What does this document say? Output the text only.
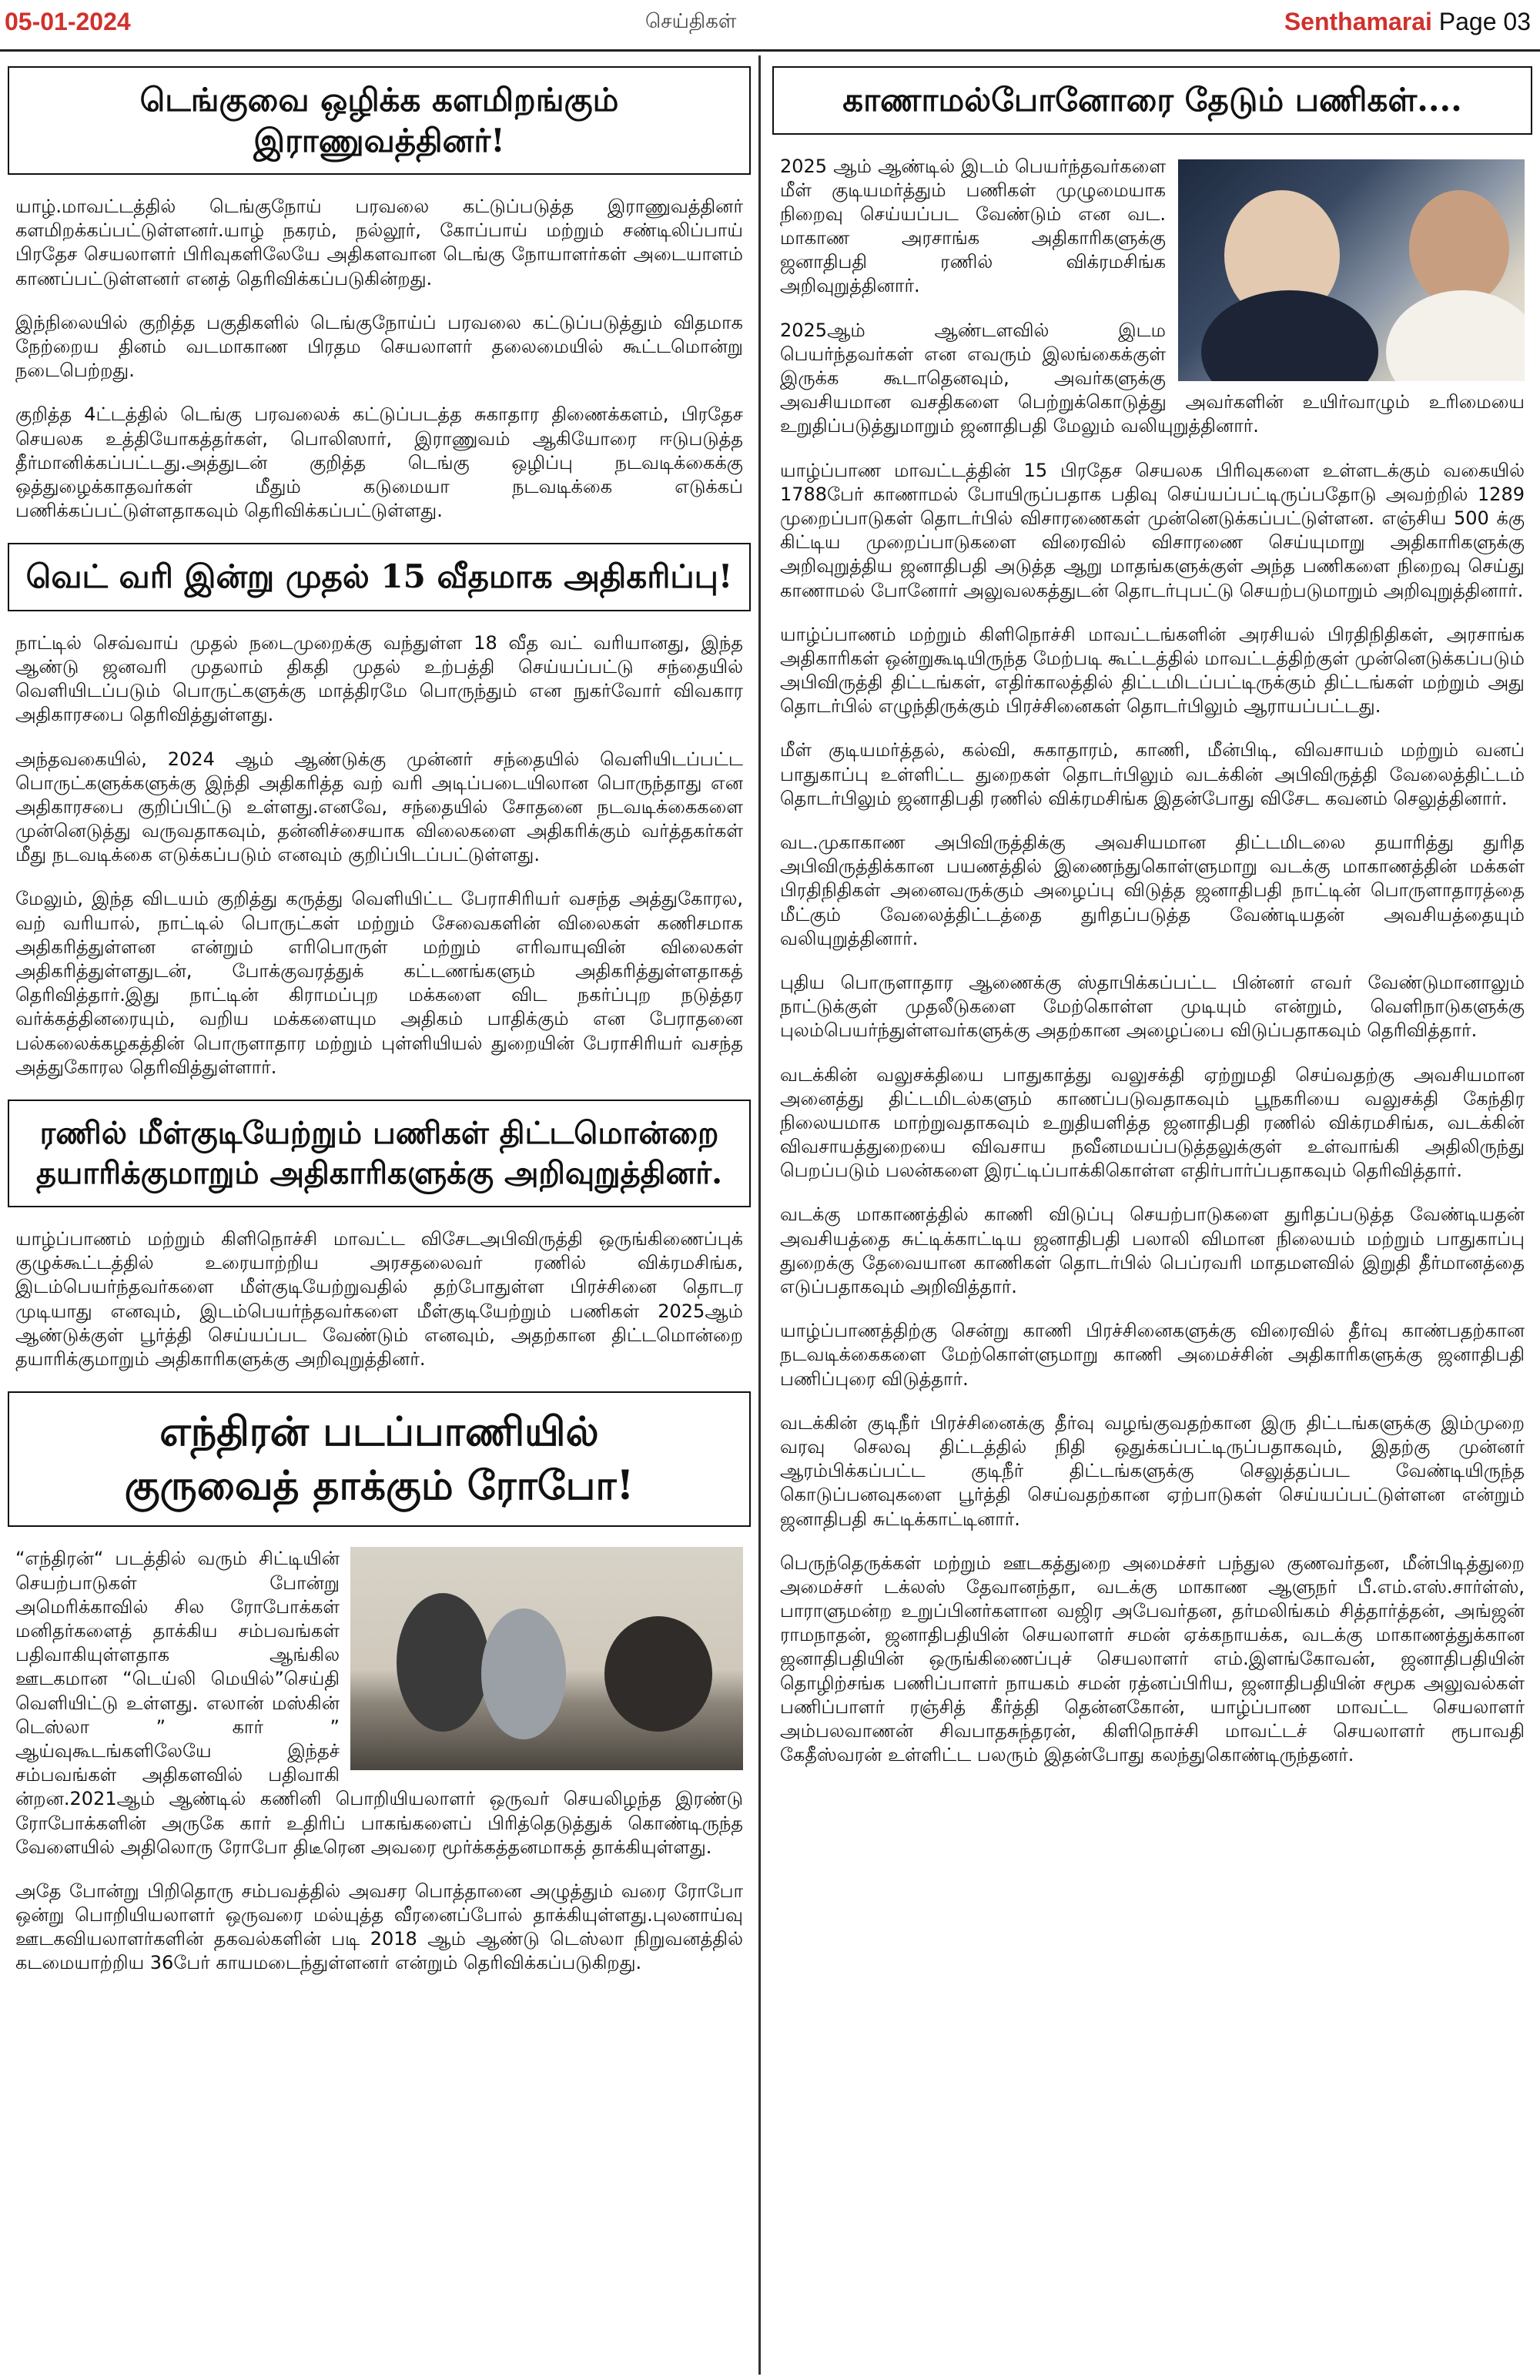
05-01-2024	செய்திகள்	Senthamarai Page 03
டெங்குவை ஒழிக்க களமிறங்கும் இராணுவத்தினர்!

யாழ்.மாவட்டத்தில் டெங்குநோய் பரவலை கட்டுப்படுத்த இராணுவத்தினர் களமிறக்கப்பட்டுள்ளனர்.யாழ் நகரம், நல்லூர், கோப்பாய் மற்றும் சண்டிலிப்பாய் பிரதேச செயலாளர் பிரிவுகளிலேயே அதிகளவான டெங்கு நோயாளர்கள் அடையாளம் காணப்பட்டுள்ளனர் எனத் தெரிவிக்கப்படுகின்றது.

இந்நிலையில் குறித்த பகுதிகளில் டெங்குநோய்ப் பரவலை கட்டுப்படுத்தும் விதமாக நேற்றைய தினம் வடமாகாண பிரதம செயலாளர் தலைமையில் கூட்டமொன்று நடைபெற்றது.

குறித்த 4ட்டத்தில் டெங்கு பரவலைக் கட்டுப்படத்த சுகாதார திணைக்களம், பிரதேச செயலக உத்தியோகத்தர்கள், பொலிஸார், இராணுவம் ஆகியோரை ஈடுபடுத்த தீர்மானிக்கப்பட்டது.அத்துடன் குறித்த டெங்கு ஒழிப்பு நடவடிக்கைக்கு ஒத்துழைக்காதவர்கள் மீதும் கடுமையா நடவடிக்கை எடுக்கப் பணிக்கப்பட்டுள்ளதாகவும் தெரிவிக்கப்பட்டுள்ளது.

வெட் வரி இன்று முதல் 15 வீதமாக அதிகரிப்பு!

நாட்டில் செவ்வாய் முதல் நடைமுறைக்கு வந்துள்ள 18 வீத வட் வரியானது, இந்த ஆண்டு ஜனவரி முதலாம் திகதி முதல் உற்பத்தி செய்யப்பட்டு சந்தையில் வெளியிடப்படும் பொருட்களுக்கு மாத்திரமே பொருந்தும் என நுகர்வோர் விவகார அதிகாரசபை தெரிவித்துள்ளது.

அந்தவகையில், 2024 ஆம் ஆண்டுக்கு முன்னர் சந்தையில் வெளியிடப்பட்ட பொருட்களுக்களுக்கு இந்தி அதிகரித்த வற் வரி அடிப்படையிலான பொருந்தாது என அதிகாரசபை குறிப்பிட்டு உள்ளது.எனவே, சந்தையில் சோதனை நடவடிக்கைகளை முன்னெடுத்து வருவதாகவும், தன்னிச்சையாக விலைகளை அதிகரிக்கும் வர்த்தகர்கள் மீது நடவடிக்கை எடுக்கப்படும் எனவும் குறிப்பிடப்பட்டுள்ளது.

மேலும், இந்த விடயம் குறித்து கருத்து வெளியிட்ட பேராசிரியர் வசந்த அத்துகோரல, வற் வரியால், நாட்டில் பொருட்கள் மற்றும் சேவைகளின் விலைகள் கணிசமாக அதிகரித்துள்ளன என்றும் எரிபொருள் மற்றும் எரிவாயுவின் விலைகள் அதிகரித்துள்ளதுடன், போக்குவரத்துக் கட்டணங்களும் அதிகரித்துள்ளதாகத் தெரிவித்தார்.இது நாட்டின் கிராமப்புற மக்களை விட நகர்ப்புற நடுத்தர வர்க்கத்தினரையும், வறிய மக்களையும அதிகம் பாதிக்கும் என பேராதனை பல்கலைக்கழகத்தின் பொருளாதார மற்றும் புள்ளியியல் துறையின் பேராசிரியர் வசந்த அத்துகோரல தெரிவித்துள்ளார்.

ரணில் மீள்குடியேற்றும் பணிகள் திட்டமொன்றை
தயாரிக்குமாறும் அதிகாரிகளுக்கு அறிவுறுத்தினர்.

யாழ்ப்பாணம் மற்றும் கிளிநொச்சி மாவட்ட விசேடஅபிவிருத்தி ஒருங்கிணைப்புக் குழுக்கூட்டத்தில் உரையாற்றிய அரசதலைவர் ரணில் விக்ரமசிங்க, இடம்பெயர்ந்தவர்களை மீள்குடியேற்றுவதில் தற்போதுள்ள பிரச்சினை தொடர முடியாது எனவும், இடம்பெயர்ந்தவர்களை மீள்குடியேற்றும் பணிகள் 2025ஆம் ஆண்டுக்குள் பூர்த்தி செய்யப்பட வேண்டும் எனவும், அதற்கான திட்டமொன்றை தயாரிக்குமாறும் அதிகாரிகளுக்கு அறிவுறுத்தினர்.

எந்திரன் படப்பாணியில்
குருவைத் தாக்கும் ரோபோ!

“எந்திரன்“ படத்தில் வரும் சிட்டியின் செயற்பாடுகள் போன்று அமெரிக்காவில் சில ரோபோக்கள் மனிதர்களைத் தாக்கிய சம்பவங்கள் பதிவாகியுள்ளதாக ஆங்கில ஊடகமான “டெய்லி மெயில்”செய்தி வெளியிட்டு உள்ளது. எலான் மஸ்கின் டெஸ்லா ” கார் ” ஆய்வுகூடங்களிலேயே இந்தச் சம்பவங்கள் அதிகளவில் பதிவாகி ன்றன.2021ஆம் ஆண்டில் கணினி பொறியியலாளர் ஒருவர் செயலிழந்த இரண்டு ரோபோக்களின் அருகே கார் உதிரிப் பாகங்களைப் பிரித்தெடுத்துக் கொண்டிருந்த வேளையில் அதிலொரு ரோபோ திடீரென அவரை மூர்க்கத்தனமாகத் தாக்கியுள்ளது.

அதே போன்று பிறிதொரு சம்பவத்தில் அவசர பொத்தானை அழுத்தும் வரை ரோபோ ஒன்று பொறியியலாளர் ஒருவரை மல்யுத்த வீரனைப்போல் தாக்கியுள்ளது.புலனாய்வு ஊடகவியலாளர்களின் தகவல்களின் படி 2018 ஆம் ஆண்டு டெஸ்லா நிறுவனத்தில் கடமையாற்றிய 36பேர் காயமடைந்துள்ளனர் என்றும் தெரிவிக்கப்படுகிறது.

காணாமல்போனோரை தேடும் பணிகள்....

2025 ஆம் ஆண்டில் இடம் பெயர்ந்தவர்களை மீள் குடியமர்த்தும் பணிகள் முழுமையாக நிறைவு செய்யப்பட வேண்டும் என வட. மாகாண அரசாங்க அதிகாரிகளுக்கு ஜனாதிபதி ரணில் விக்ரமசிங்க அறிவுறுத்தினார்.

2025ஆம் ஆண்டளவில் இடம பெயர்ந்தவர்கள் என எவரும் இலங்கைக்குள் இருக்க கூடாதெனவும், அவர்களுக்கு அவசியமான வசதிகளை பெற்றுக்கொடுத்து அவர்களின் உயிர்வாழும் உரிமையை உறுதிப்படுத்துமாறும் ஜனாதிபதி மேலும் வலியுறுத்தினார்.

யாழ்ப்பாண மாவட்டத்தின் 15 பிரதேச செயலக பிரிவுகளை உள்ளடக்கும் வகையில் 1788பேர் காணாமல் போயிருப்பதாக பதிவு செய்யப்பட்டிருப்பதோடு அவற்றில் 1289 முறைப்பாடுகள் தொடர்பில் விசாரணைகள் முன்னெடுக்கப்பட்டுள்ளன. எஞ்சிய 500 க்கு கிட்டிய முறைப்பாடுகளை விரைவில் விசாரணை செய்யுமாறு அதிகாரிகளுக்கு அறிவுறுத்திய ஜனாதிபதி அடுத்த ஆறு மாதங்களுக்குள் அந்த பணிகளை நிறைவு செய்து காணாமல் போனோர் அலுவலகத்துடன் தொடர்புபட்டு செயற்படுமாறும் அறிவுறுத்தினார்.

யாழ்ப்பாணம் மற்றும் கிளிநொச்சி மாவட்டங்களின் அரசியல் பிரதிநிதிகள், அரசாங்க அதிகாரிகள் ஒன்றுகூடியிருந்த மேற்படி கூட்டத்தில் மாவட்டத்திற்குள் முன்னெடுக்கப்படும் அபிவிருத்தி திட்டங்கள், எதிர்காலத்தில் திட்டமிடப்பட்டிருக்கும் திட்டங்கள் மற்றும் அது தொடர்பில் எழுந்திருக்கும் பிரச்சினைகள் தொடர்பிலும் ஆராயப்பட்டது.

மீள் குடியமர்த்தல், கல்வி, சுகாதாரம், காணி, மீன்பிடி, விவசாயம் மற்றும் வனப் பாதுகாப்பு உள்ளிட்ட துறைகள் தொடர்பிலும் வடக்கின் அபிவிருத்தி வேலைத்திட்டம் தொடர்பிலும் ஜனாதிபதி ரணில் விக்ரமசிங்க இதன்போது விசேட கவனம் செலுத்தினார்.

வட.முகாகாண அபிவிருத்திக்கு அவசியமான திட்டமிடலை தயாரித்து துரித அபிவிருத்திக்கான பயணத்தில் இணைந்துகொள்ளுமாறு வடக்கு மாகாணத்தின் மக்கள் பிரதிநிதிகள் அனைவருக்கும் அழைப்பு விடுத்த ஜனாதிபதி நாட்டின் பொருளாதாரத்தை மீட்கும் வேலைத்திட்டத்தை துரிதப்படுத்த வேண்டியதன் அவசியத்தையும் வலியுறுத்தினார்.

புதிய பொருளாதார ஆணைக்கு ஸ்தாபிக்கப்பட்ட பின்னர் எவர் வேண்டுமானாலும் நாட்டுக்குள் முதலீடுகளை மேற்கொள்ள முடியும் என்றும், வெளிநாடுகளுக்கு புலம்பெயர்ந்துள்ளவர்களுக்கு அதற்கான அழைப்பை விடுப்பதாகவும் தெரிவித்தார்.

வடக்கின் வலுசக்தியை பாதுகாத்து வலுசக்தி ஏற்றுமதி செய்வதற்கு அவசியமான அனைத்து திட்டமிடல்களும் காணப்படுவதாகவும் பூநகரியை வலுசக்தி கேந்திர நிலையமாக மாற்றுவதாகவும் உறுதியளித்த ஜனாதிபதி ரணில் விக்ரமசிங்க, வடக்கின் விவசாயத்துறையை விவசாய நவீனமயப்படுத்தலுக்குள் உள்வாங்கி அதிலிருந்து பெறப்படும் பலன்களை இரட்டிப்பாக்கிகொள்ள எதிர்பார்ப்பதாகவும் தெரிவித்தார்.

வடக்கு மாகாணத்தில் காணி விடுப்பு செயற்பாடுகளை துரிதப்படுத்த வேண்டியதன் அவசியத்தை சுட்டிக்காட்டிய ஜனாதிபதி பலாலி விமான நிலையம் மற்றும் பாதுகாப்பு துறைக்கு தேவையான காணிகள் தொடர்பில் பெப்ரவரி மாதமளவில் இறுதி தீர்மானத்தை எடுப்பதாகவும் அறிவித்தார்.

யாழ்ப்பாணத்திற்கு சென்று காணி பிரச்சினைகளுக்கு விரைவில் தீர்வு காண்பதற்கான நடவடிக்கைகளை மேற்கொள்ளுமாறு காணி அமைச்சின் அதிகாரிகளுக்கு ஜனாதிபதி பணிப்புரை விடுத்தார்.

வடக்கின் குடிநீர் பிரச்சினைக்கு தீர்வு வழங்குவதற்கான இரு திட்டங்களுக்கு இம்முறை வரவு செலவு திட்டத்தில் நிதி ஒதுக்கப்பட்டிருப்பதாகவும், இதற்கு முன்னர் ஆரம்பிக்கப்பட்ட குடிநீர் திட்டங்களுக்கு செலுத்தப்பட வேண்டியிருந்த கொடுப்பனவுகளை பூர்த்தி செய்வதற்கான ஏற்பாடுகள் செய்யப்பட்டுள்ளன என்றும் ஜனாதிபதி சுட்டிக்காட்டினார்.

பெருந்தெருக்கள் மற்றும் ஊடகத்துறை அமைச்சர் பந்துல குணவர்தன, மீன்பிடித்துறை அமைச்சர் டக்லஸ் தேவானந்தா, வடக்கு மாகாண ஆளுநர் பீ.எம்.எஸ்.சார்ள்ஸ், பாராளுமன்ற உறுப்பினர்களான வஜிர அபேவர்தன, தர்மலிங்கம் சித்தார்த்தன், அங்ஜன் ராமநாதன், ஜனாதிபதியின் செயலாளர் சமன் ஏக்கநாயக்க, வடக்கு மாகாணத்துக்கான ஜனாதிபதியின் ஒருங்கிணைப்புச் செயலாளர் எம்.இளங்கோவன், ஜனாதிபதியின் தொழிற்சங்க பணிப்பாளர் நாயகம் சமன் ரத்னப்பிரிய, ஜனாதிபதியின் சமூக அலுவல்கள் பணிப்பாளர் ரஞ்சித் கீர்த்தி தென்னகோன், யாழ்ப்பாண மாவட்ட செயலாளர் அம்பலவாணன் சிவபாதசுந்தரன், கிளிநொச்சி மாவட்டச் செயலாளர் ரூபாவதி கேதீஸ்வரன் உள்ளிட்ட பலரும் இதன்போது கலந்துகொண்டிருந்தனர்.
